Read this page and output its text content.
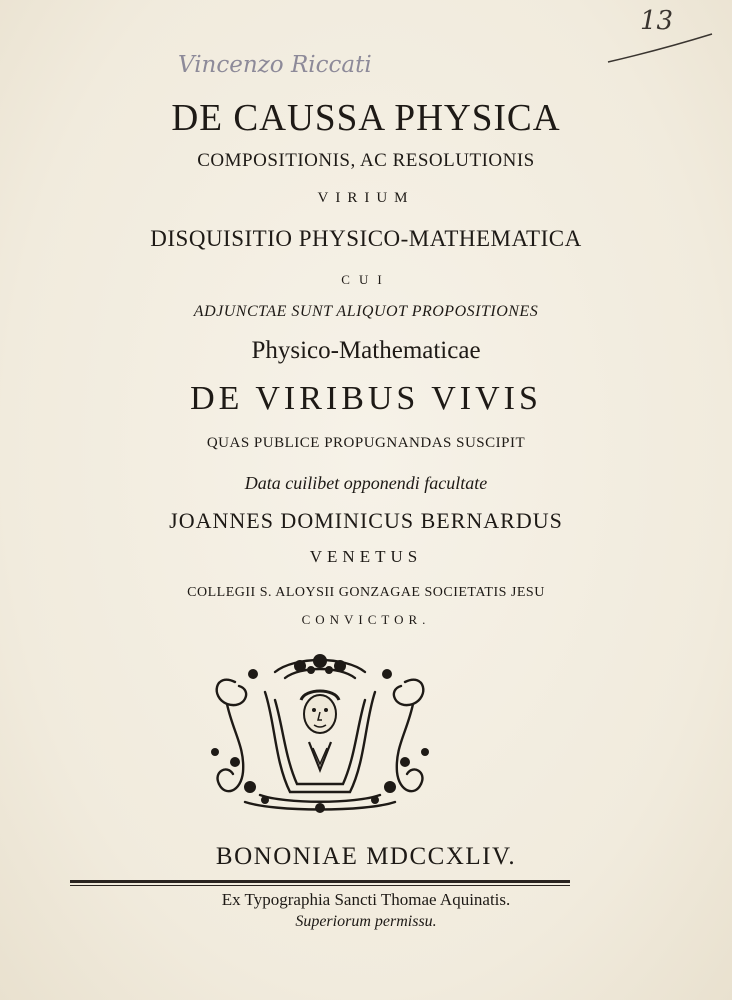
Vincenzo Riccati
13
DE CAUSSA PHYSICA
COMPOSITIONIS, AC RESOLUTIONIS
VIRIUM
DISQUISITIO PHYSICO-MATHEMATICA
CUI
ADJUNCTAE SUNT ALIQUOT PROPOSITIONES
Physico-Mathematicae
DE VIRIBUS VIVIS
QUAS PUBLICE PROPUGNANDAS SUSCIPIT
Data cuilibet opponendi facultate
JOANNES DOMINICUS BERNARDUS
VENETUS
COLLEGII S. ALOYSII GONZAGAE SOCIETATIS JESU
CONVICTOR.
BONONIAE MDCCXLIV.
Ex Typographia Sancti Thomae Aquinatis.
Superiorum permissu.
